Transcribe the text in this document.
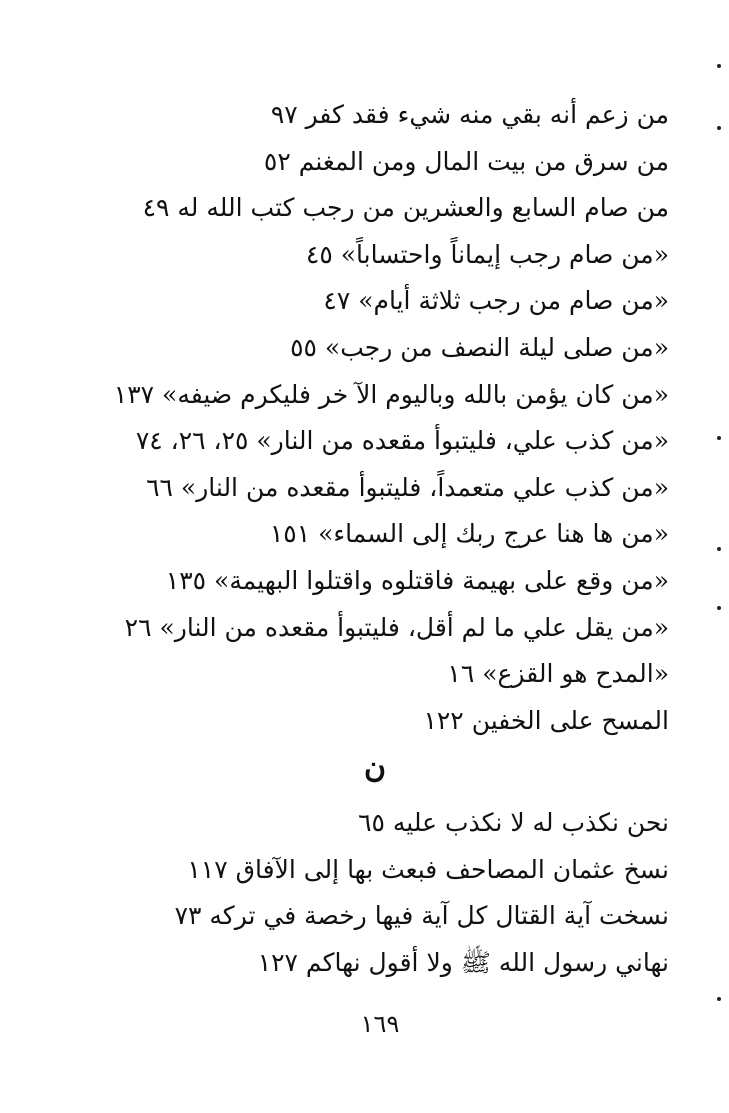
من زعم أنه بقي منه شيء فقد كفر ٩٧
من سرق من بيت المال ومن المغنم ٥٢
من صام السابع والعشرين من رجب كتب الله له ٤٩
«من صام رجب إيماناً واحتساباً» ٤٥
«من صام من رجب ثلاثة أيام» ٤٧
«من صلى ليلة النصف من رجب» ٥٥
«من كان يؤمن بالله وباليوم الآ خر فليكرم ضيفه» ١٣٧
«من كذب علي، فليتبوأ مقعده من النار» ٢٥، ٢٦، ٧٤
«من كذب علي متعمداً، فليتبوأ مقعده من النار» ٦٦
«من ها هنا عرج ربك إلى السماء» ١٥١
«من وقع على بهيمة فاقتلوه واقتلوا البهيمة» ١٣٥
«من يقل علي ما لم أقل، فليتبوأ مقعده من النار» ٢٦
«المدح هو القزع» ١٦
المسح على الخفين ١٢٢
ن
نحن نكذب له لا نكذب عليه ٦٥
نسخ عثمان المصاحف فبعث بها إلى الآفاق ١١٧
نسخت آية القتال كل آية فيها رخصة في تركه ٧٣
نهاني رسول الله ﷺ ولا أقول نهاكم ١٢٧
١٦٩
